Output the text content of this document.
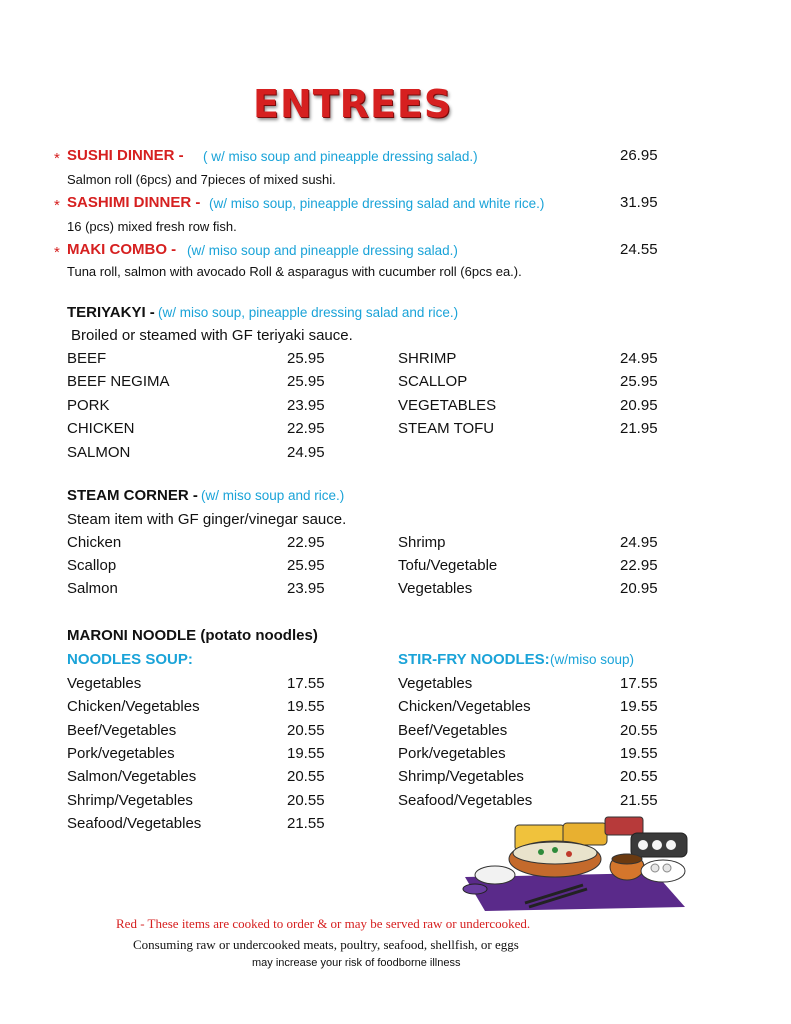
ENTREES
* SUSHI DINNER - ( w/ miso soup and pineapple dressing salad.)	26.95
Salmon roll (6pcs) and 7pieces of mixed sushi.
* SASHIMI DINNER - (w/ miso soup, pineapple dressing salad and white rice.)	31.95
16 (pcs) mixed fresh row fish.
* MAKI COMBO - (w/ miso soup and pineapple dressing salad.)	24.55
Tuna roll, salmon with avocado Roll & asparagus with cucumber roll (6pcs ea.).
TERIYAKYI - (w/ miso soup, pineapple dressing salad and rice.)
Broiled or steamed with GF teriyaki sauce.
BEEF	25.95
BEEF NEGIMA	25.95
PORK	23.95
CHICKEN	22.95
SALMON	24.95
SHRIMP	24.95
SCALLOP	25.95
VEGETABLES	20.95
STEAM TOFU	21.95
STEAM CORNER - (w/ miso soup and rice.)
Steam item with GF ginger/vinegar sauce.
Chicken	22.95
Scallop	25.95
Salmon	23.95
Shrimp	24.95
Tofu/Vegetable	22.95
Vegetables	20.95
MARONI NOODLE (potato noodles)
NOODLES SOUP:	STIR-FRY NOODLES: (w/miso soup)
Vegetables	17.55
Chicken/Vegetables	19.55
Beef/Vegetables	20.55
Pork/vegetables	19.55
Salmon/Vegetables	20.55
Shrimp/Vegetables	20.55
Seafood/Vegetables	21.55
Vegetables	17.55
Chicken/Vegetables	19.55
Beef/Vegetables	20.55
Pork/vegetables	19.55
Shrimp/Vegetables	20.55
Seafood/Vegetables	21.55
Red - These items are cooked to order & or may be served raw or undercooked.
Consuming raw or undercooked meats, poultry, seafood, shellfish, or eggs
may increase your risk of foodborne illness
